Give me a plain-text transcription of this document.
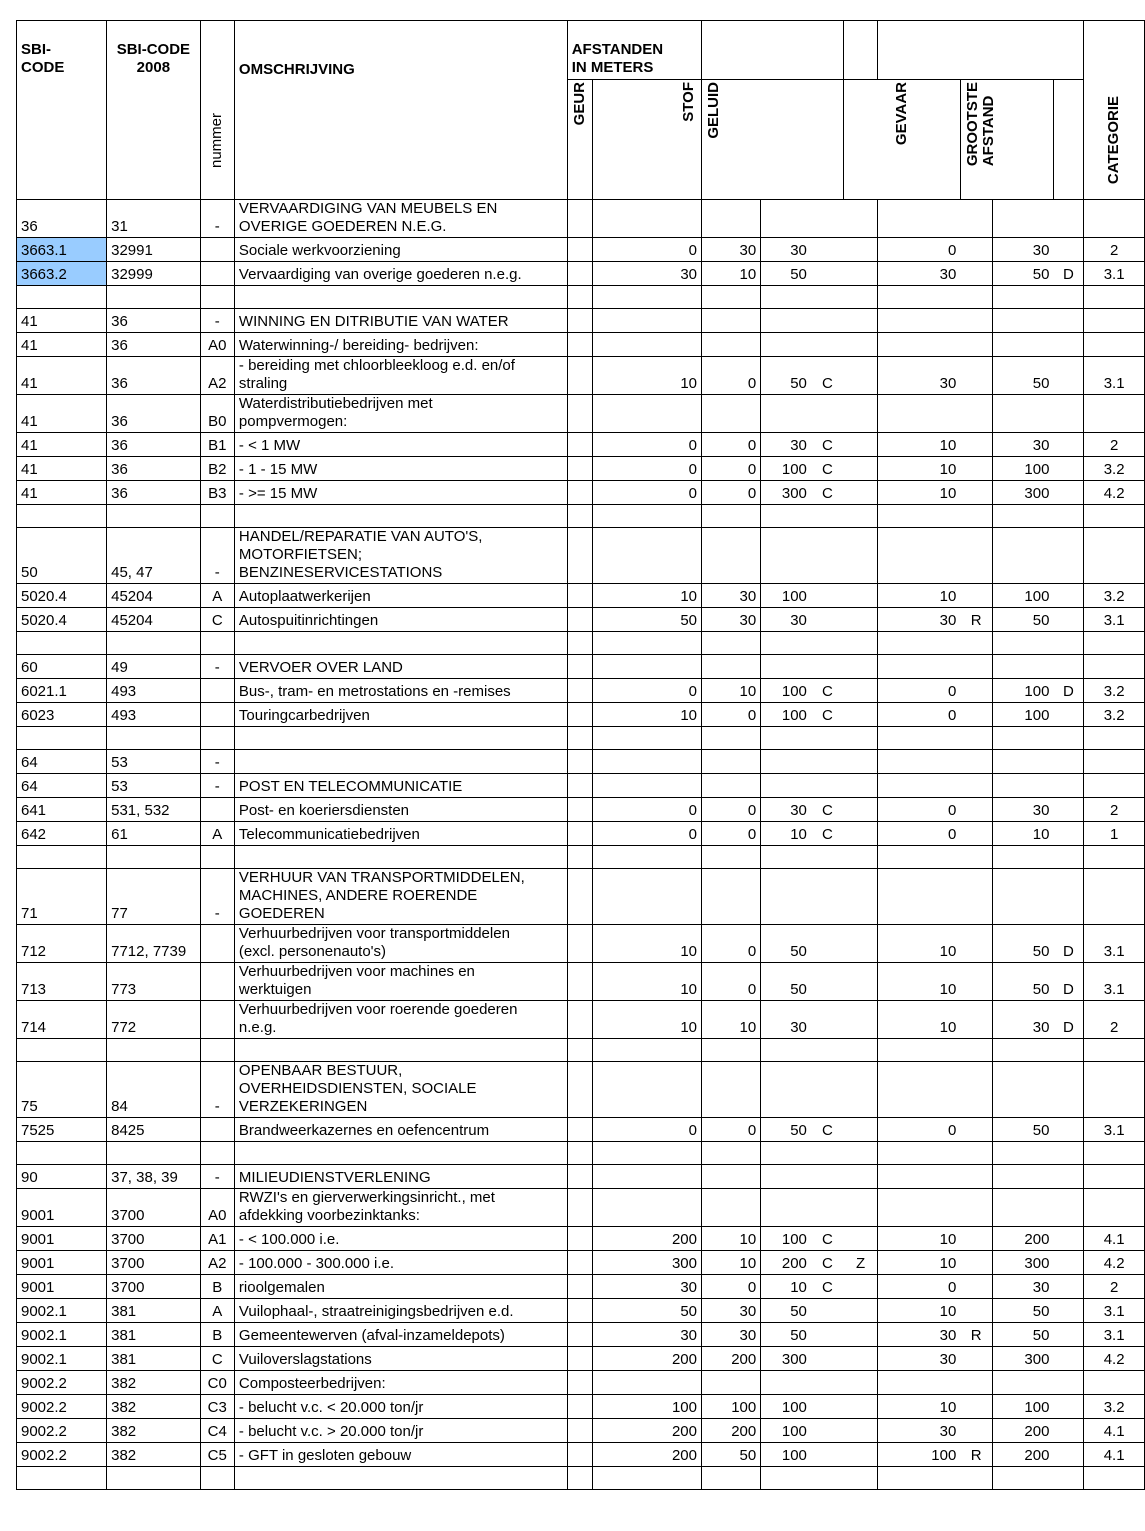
SBI-
CODE	SBI-CODE
2008	nummer	OMSCHRIJVING	AFSTANDEN
IN METERS										CATEGORIE
				GEUR	STOF	GELUID			GEVAAR		GROOTSTE
AFSTAND			
36	31	-	VERVAARDIGING VAN MEUBELS EN
OVERIGE GOEDEREN N.E.G.											
3663.1	32991		Sociale werkvoorziening		0	30	30			0		30		2
3663.2	32999		Vervaardiging van overige goederen n.e.g.		30	10	50			30		50	D	3.1

41	36	-	WINNING EN DITRIBUTIE VAN WATER											
41	36	A0	Waterwinning-/ bereiding- bedrijven:											
41	36	A2	- bereiding met chloorbleekloog e.d. en/of
straling		10	0	50	C		30		50		3.1
41	36	B0	Waterdistributiebedrijven met
pompvermogen:											
41	36	B1	- < 1 MW		0	0	30	C		10		30		2
41	36	B2	- 1 - 15 MW		0	0	100	C		10		100		3.2
41	36	B3	- >= 15 MW		0	0	300	C		10		300		4.2

50	45, 47	-	HANDEL/REPARATIE VAN AUTO'S,
MOTORFIETSEN;
BENZINESERVICESTATIONS											
5020.4	45204	A	Autoplaatwerkerijen		10	30	100			10		100		3.2
5020.4	45204	C	Autospuitinrichtingen		50	30	30			30	R	50		3.1

60	49	-	VERVOER OVER LAND											
6021.1	493		Bus-, tram- en metrostations en -remises		0	10	100	C		0		100	D	3.2
6023	493		Touringcarbedrijven		10	0	100	C		0		100		3.2

64	53	-												
64	53	-	POST EN TELECOMMUNICATIE											
641	531, 532		Post- en koeriersdiensten		0	0	30	C		0		30		2
642	61	A	Telecommunicatiebedrijven		0	0	10	C		0		10		1

71	77	-	VERHUUR VAN TRANSPORTMIDDELEN,
MACHINES, ANDERE ROERENDE
GOEDEREN											
712	7712, 7739		Verhuurbedrijven voor transportmiddelen
(excl. personenauto's)		10	0	50			10		50	D	3.1
713	773		Verhuurbedrijven voor machines en
werktuigen		10	0	50			10		50	D	3.1
714	772		Verhuurbedrijven voor roerende goederen
n.e.g.		10	10	30			10		30	D	2

75	84	-	OPENBAAR BESTUUR,
OVERHEIDSDIENSTEN, SOCIALE
VERZEKERINGEN											
7525	8425		Brandweerkazernes en oefencentrum		0	0	50	C		0		50		3.1

90	37, 38, 39	-	MILIEUDIENSTVERLENING											
9001	3700	A0	RWZI's en gierverwerkingsinricht., met
afdekking voorbezinktanks:											
9001	3700	A1	- < 100.000 i.e.		200	10	100	C		10		200		4.1
9001	3700	A2	- 100.000 - 300.000 i.e.		300	10	200	C	Z	10		300		4.2
9001	3700	B	rioolgemalen		30	0	10	C		0		30		2
9002.1	381	A	Vuilophaal-, straatreinigingsbedrijven e.d.		50	30	50			10		50		3.1
9002.1	381	B	Gemeentewerven (afval-inzameldepots)		30	30	50			30	R	50		3.1
9002.1	381	C	Vuiloverslagstations		200	200	300			30		300		4.2
9002.2	382	C0	Composteerbedrijven:											
9002.2	382	C3	- belucht v.c. < 20.000 ton/jr		100	100	100			10		100		3.2
9002.2	382	C4	- belucht v.c. > 20.000 ton/jr		200	200	100			30		200		4.1
9002.2	382	C5	- GFT in gesloten gebouw		200	50	100			100	R	200		4.1
